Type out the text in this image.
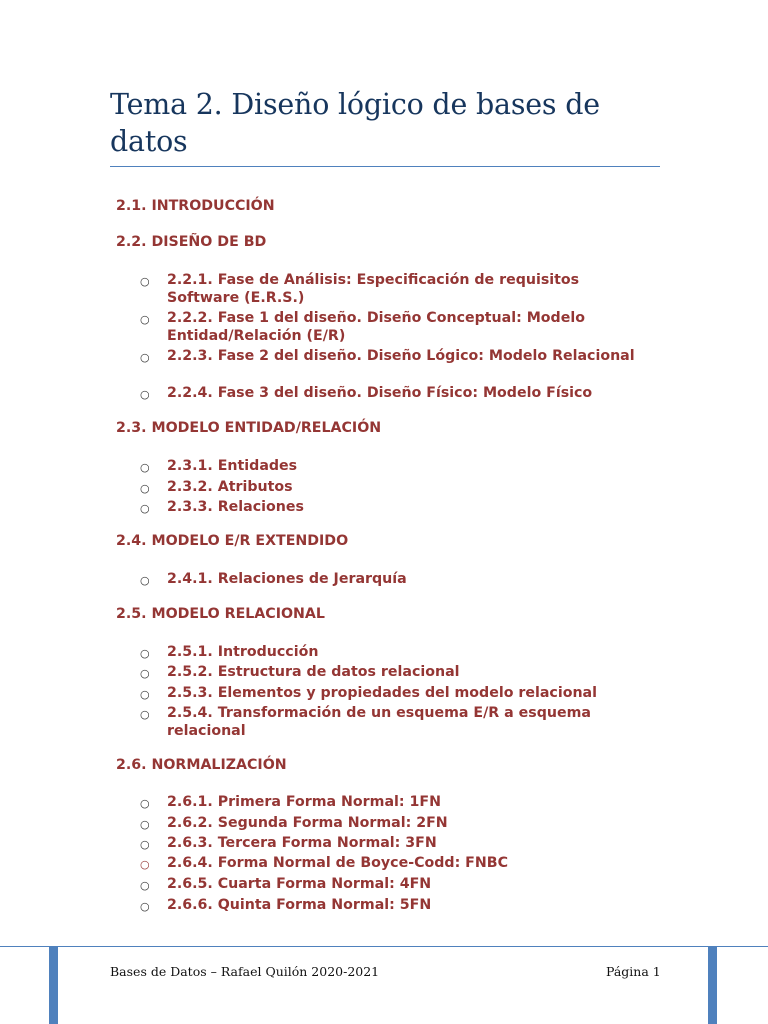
Tema 2. Diseño lógico de bases de datos
2.1. INTRODUCCIÓN
2.2. DISEÑO DE BD
○ 2.2.1. Fase de Análisis: Especificación de requisitos Software (E.R.S.)
○ 2.2.2. Fase 1 del diseño. Diseño Conceptual: Modelo Entidad/Relación (E/R)
○ 2.2.3. Fase 2 del diseño. Diseño Lógico: Modelo Relacional
○ 2.2.4. Fase 3 del diseño. Diseño Físico: Modelo Físico
2.3. MODELO ENTIDAD/RELACIÓN
○ 2.3.1. Entidades
○ 2.3.2. Atributos
○ 2.3.3. Relaciones
2.4. MODELO E/R EXTENDIDO
○ 2.4.1. Relaciones de Jerarquía
2.5. MODELO RELACIONAL
○ 2.5.1. Introducción
○ 2.5.2. Estructura de datos relacional
○ 2.5.3. Elementos y propiedades del modelo relacional
○ 2.5.4. Transformación de un esquema E/R a esquema relacional
2.6. NORMALIZACIÓN
○ 2.6.1. Primera Forma Normal: 1FN
○ 2.6.2. Segunda Forma Normal: 2FN
○ 2.6.3. Tercera Forma Normal: 3FN
○ 2.6.4. Forma Normal de Boyce-Codd: FNBC
○ 2.6.5. Cuarta Forma Normal: 4FN
○ 2.6.6. Quinta Forma Normal: 5FN
Bases de Datos – Rafael Quilón 2020-2021	Página 1
